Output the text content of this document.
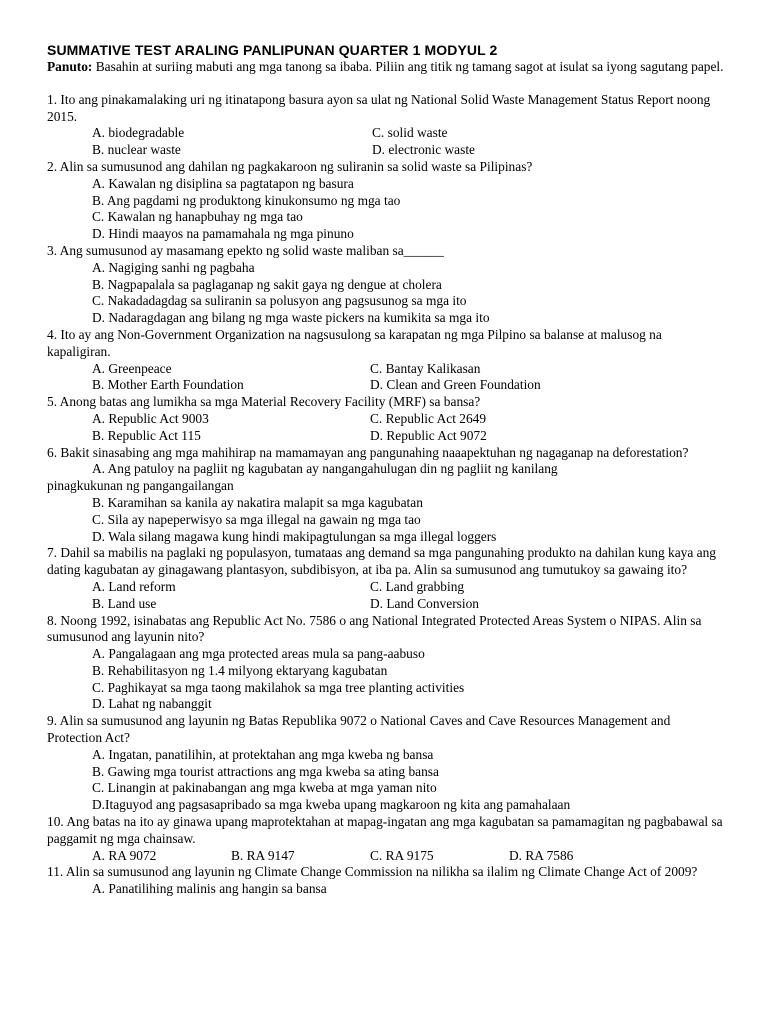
SUMMATIVE TEST ARALING PANLIPUNAN QUARTER 1 MODYUL 2
Panuto: Basahin at suriing mabuti ang mga tanong sa ibaba. Piliin ang titik ng tamang sagot at isulat sa iyong sagutang papel.

1. Ito ang pinakamalaking uri ng itinatapong basura ayon sa ulat ng National Solid Waste Management Status Report noong 2015.

A. biodegradable	C. solid waste
B. nuclear waste	D. electronic waste

2. Alin sa sumusunod ang dahilan ng pagkakaroon ng suliranin sa solid waste sa Pilipinas?

A. Kawalan ng disiplina sa pagtatapon ng basura
B. Ang pagdami ng produktong kinukonsumo ng mga tao
C. Kawalan ng hanapbuhay ng mga tao
D. Hindi maayos na pamamahala ng mga pinuno

3. Ang sumusunod ay masamang epekto ng solid waste maliban sa______

A. Nagiging sanhi ng pagbaha
B. Nagpapalala sa paglaganap ng sakit gaya ng dengue at cholera
C. Nakadadagdag sa suliranin sa polusyon ang pagsusunog sa mga ito
D. Nadaragdagan ang bilang ng mga waste pickers na kumikita sa mga ito

4. Ito ay ang Non-Government Organization na nagsusulong sa karapatan ng mga Pilpino sa balanse at malusog na kapaligiran.

A. Greenpeace	C. Bantay Kalikasan
B. Mother Earth Foundation	D. Clean and Green Foundation

5. Anong batas ang lumikha sa mga Material Recovery Facility (MRF) sa bansa?

A. Republic Act 9003	C. Republic Act 2649
B. Republic Act 115	D. Republic Act 9072

6. Bakit sinasabing ang mga mahihirap na mamamayan ang pangunahing naaapektuhan ng nagaganap na deforestation?

A. Ang patuloy na pagliit ng kagubatan ay nangangahulugan din ng pagliit ng kanilang
pinagkukunan ng pangangailangan
B. Karamihan sa kanila ay nakatira malapit sa mga kagubatan
C. Sila ay napeperwisyo sa mga illegal na gawain ng mga tao
D. Wala silang magawa kung hindi makipagtulungan sa mga illegal loggers

7. Dahil sa mabilis na paglaki ng populasyon, tumataas ang demand sa mga pangunahing produkto na dahilan kung kaya ang dating kagubatan ay ginagawang plantasyon, subdibisyon, at iba pa. Alin sa sumusunod ang tumutukoy sa gawaing ito?

A. Land reform	C. Land grabbing
B. Land use	D. Land Conversion

8. Noong 1992, isinabatas ang Republic Act No. 7586 o ang National Integrated Protected Areas System o NIPAS. Alin sa sumusunod ang layunin nito?

A. Pangalagaan ang mga protected areas mula sa pang-aabuso
B. Rehabilitasyon ng 1.4 milyong ektaryang kagubatan
C. Paghikayat sa mga taong makilahok sa mga tree planting activities
D. Lahat ng nabanggit

9. Alin sa sumusunod ang layunin ng Batas Republika 9072 o National Caves and Cave Resources Management and Protection Act?

A. Ingatan, panatilihin, at protektahan ang mga kweba ng bansa
B. Gawing mga tourist attractions ang mga kweba sa ating bansa
C. Linangin at pakinabangan ang mga kweba at mga yaman nito
D.Itaguyod ang pagsasapribado sa mga kweba upang magkaroon ng kita ang pamahalaan

10. Ang batas na ito ay ginawa upang maprotektahan at mapag-ingatan ang mga kagubatan sa pamamagitan ng pagbabawal sa paggamit ng mga chainsaw.

A. RA 9072	B. RA 9147	C. RA 9175	D. RA 7586

11. Alin sa sumusunod ang layunin ng Climate Change Commission na nilikha sa ilalim ng Climate Change Act of 2009?

A. Panatilihing malinis ang hangin sa bansa
